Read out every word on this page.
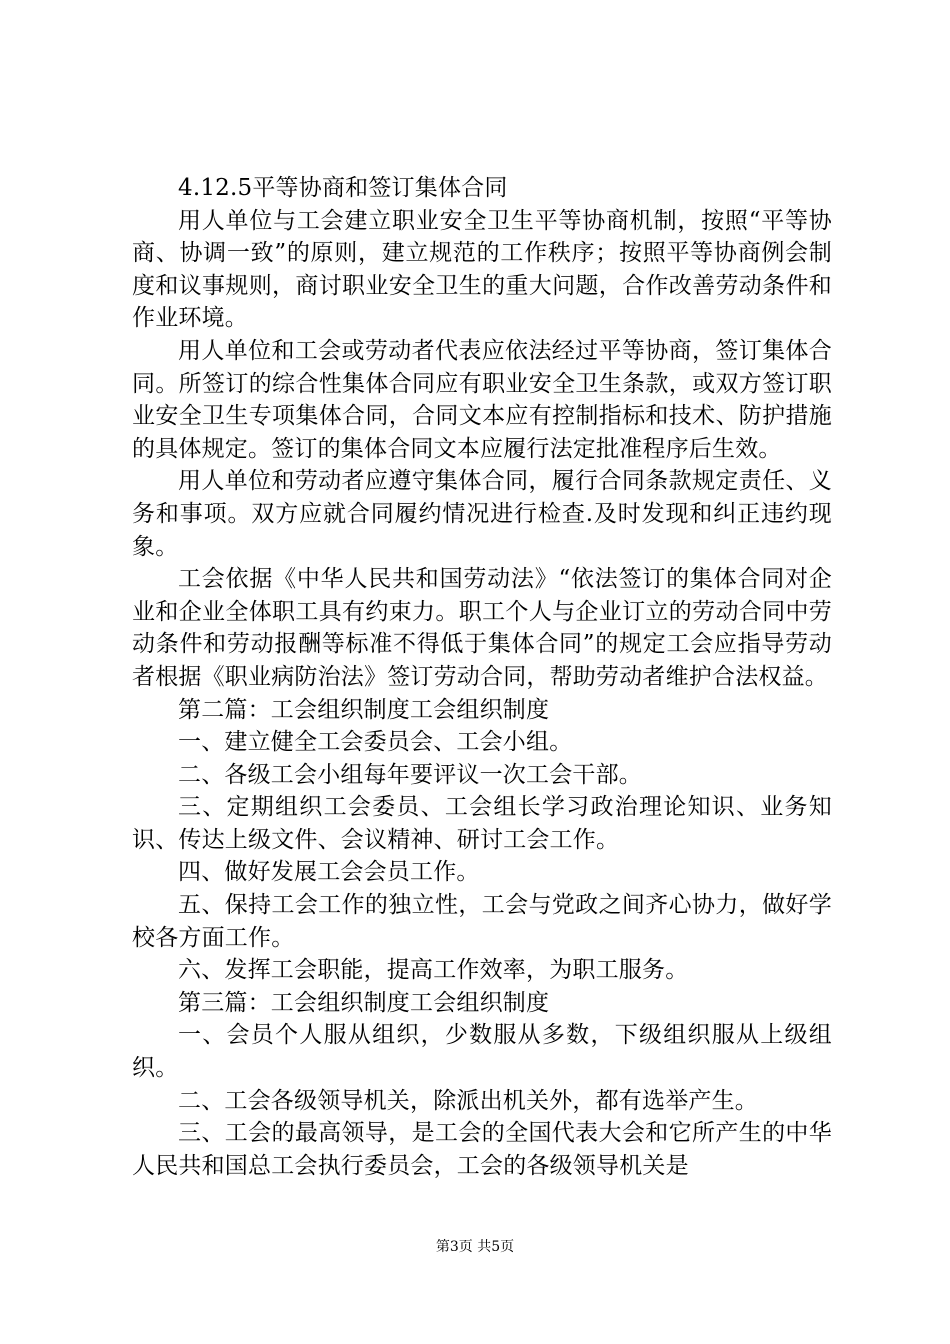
4.12.5平等协商和签订集体合同

用人单位与工会建立职业安全卫生平等协商机制，按照“平等协商、协调一致”的原则，建立规范的工作秩序；按照平等协商例会制度和议事规则，商讨职业安全卫生的重大问题，合作改善劳动条件和作业环境。

用人单位和工会或劳动者代表应依法经过平等协商，签订集体合同。所签订的综合性集体合同应有职业安全卫生条款，或双方签订职业安全卫生专项集体合同，合同文本应有控制指标和技术、防护措施的具体规定。签订的集体合同文本应履行法定批准程序后生效。

用人单位和劳动者应遵守集体合同，履行合同条款规定责任、义务和事项。双方应就合同履约情况进行检查.及时发现和纠正违约现象。

工会依据《中华人民共和国劳动法》“依法签订的集体合同对企业和企业全体职工具有约束力。职工个人与企业订立的劳动合同中劳动条件和劳动报酬等标准不得低于集体合同”的规定工会应指导劳动者根据《职业病防治法》签订劳动合同，帮助劳动者维护合法权益。

第二篇：工会组织制度工会组织制度

一、建立健全工会委员会、工会小组。

二、各级工会小组每年要评议一次工会干部。

三、定期组织工会委员、工会组长学习政治理论知识、业务知识、传达上级文件、会议精神、研讨工会工作。

四、做好发展工会会员工作。

五、保持工会工作的独立性，工会与党政之间齐心协力，做好学校各方面工作。

六、发挥工会职能，提高工作效率，为职工服务。

第三篇：工会组织制度工会组织制度

一、会员个人服从组织，少数服从多数，下级组织服从上级组织。

二、工会各级领导机关，除派出机关外，都有选举产生。

三、工会的最高领导，是工会的全国代表大会和它所产生的中华人民共和国总工会执行委员会，工会的各级领导机关是

第3页 共5页
